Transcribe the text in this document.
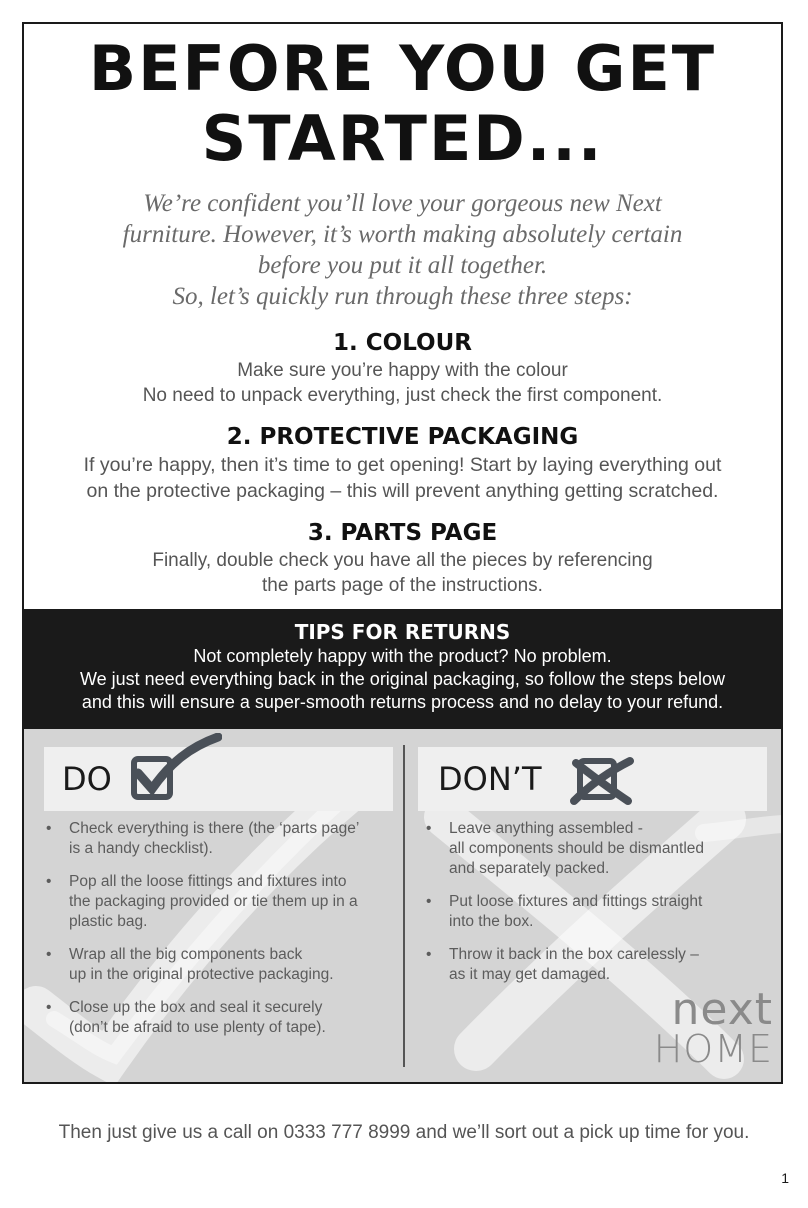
BEFORE YOU GET
STARTED...
We’re confident you’ll love your gorgeous new Next
furniture. However, it’s worth making absolutely certain
before you put it all together.
So, let’s quickly run through these three steps:
1. COLOUR

Make sure you’re happy with the colour

No need to unpack everything, just check the first component.

2. PROTECTIVE PACKAGING

If you’re happy, then it’s time to get opening! Start by laying everything out

on the protective packaging – this will prevent anything getting scratched.

3. PARTS PAGE

Finally, double check you have all the pieces by referencing

the parts page of the instructions.

TIPS FOR RETURNS

Not completely happy with the product? No problem.

We just need everything back in the original packaging, so follow the steps below

and this will ensure a super-smooth returns process and no delay to your refund.

DO	DON’T
• Check everything is there (the ‘parts page’
is a handy checklist).
• Pop all the loose fittings and fixtures into
the packaging provided or tie them up in a
plastic bag.
• Wrap all the big components back
up in the original protective packaging.
• Close up the box and seal it securely
(don’t be afraid to use plenty of tape).
• Leave anything assembled -
all components should be dismantled
and separately packed.
• Put loose fixtures and fittings straight
into the box.
• Throw it back in the box carelessly –
as it may get damaged.
next
HOME
Then just give us a call on 0333 777 8999 and we’ll sort out a pick up time for you.
1
